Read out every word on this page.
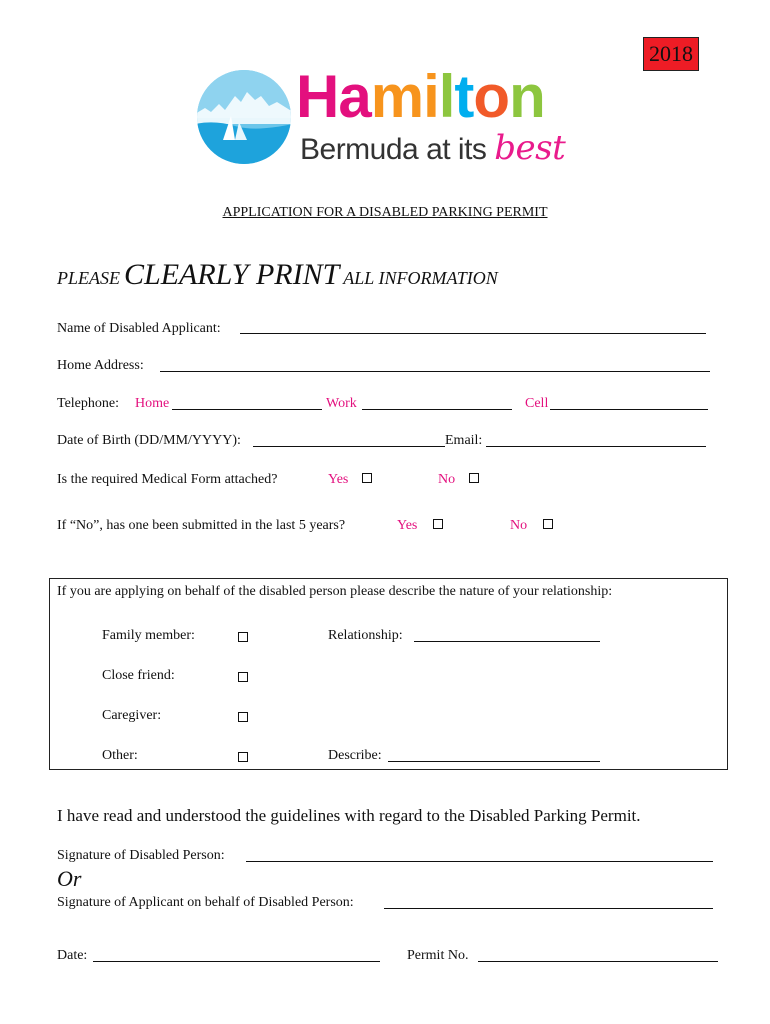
2018
Hamilton
Bermuda at its best
APPLICATION FOR A DISABLED PARKING PERMIT
PLEASE CLEARLY PRINT ALL INFORMATION
Name of Disabled Applicant:
Home Address:
Telephone: Home	Work	Cell
Date of Birth (DD/MM/YYYY):	Email:
Is the required Medical Form attached?	Yes	No
If “No”, has one been submitted in the last 5 years?	Yes	No
If you are applying on behalf of the disabled person please describe the nature of your relationship:
Family member:	Relationship:
Close friend:
Caregiver:
Other:	Describe:
I have read and understood the guidelines with regard to the Disabled Parking Permit.
Signature of Disabled Person:
Or
Signature of Applicant on behalf of Disabled Person:
Date:	Permit No.
